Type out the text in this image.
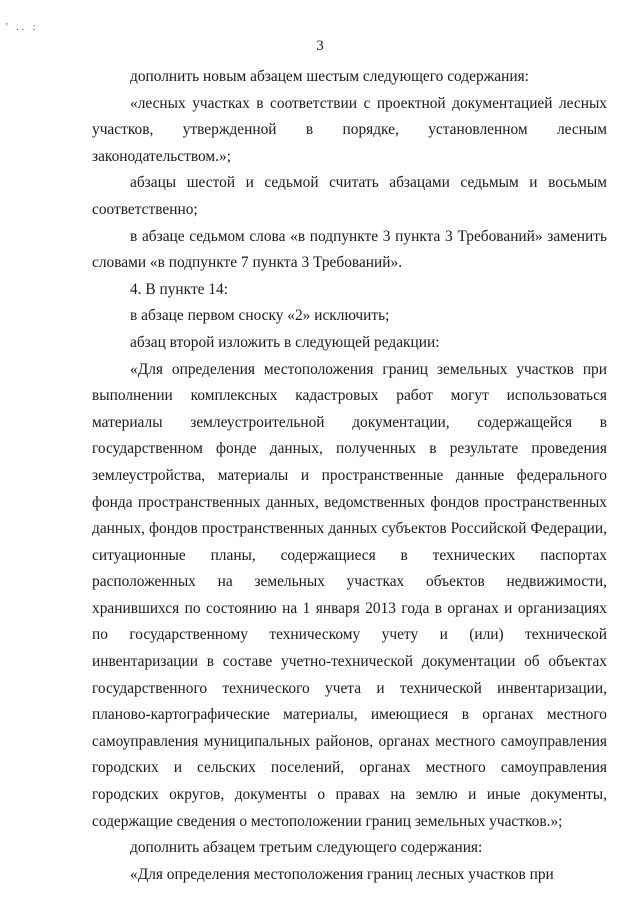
' .. :
3

дополнить новым абзацем шестым следующего содержания:

«лесных участках в соответствии с проектной документацией лесных участков, утвержденной в порядке, установленном лесным законодательством.»;

абзацы шестой и седьмой считать абзацами седьмым и восьмым соответственно;

в абзаце седьмом слова «в подпункте 3 пункта 3 Требований» заменить словами «в подпункте 7 пункта 3 Требований».

4. В пункте 14:

в абзаце первом сноску «2» исключить;

абзац второй изложить в следующей редакции:

«Для определения местоположения границ земельных участков при выполнении комплексных кадастровых работ могут использоваться материалы землеустроительной документации, содержащейся в государственном фонде данных, полученных в результате проведения землеустройства, материалы и пространственные данные федерального фонда пространственных данных, ведомственных фондов пространственных данных, фондов пространственных данных субъектов Российской Федерации, ситуационные планы, содержащиеся в технических паспортах расположенных на земельных участках объектов недвижимости, хранившихся по состоянию на 1 января 2013 года в органах и организациях по государственному техническому учету и (или) технической инвентаризации в составе учетно-технической документации об объектах государственного технического учета и технической инвентаризации, планово-картографические материалы, имеющиеся в органах местного самоуправления муниципальных районов, органах местного самоуправления городских и сельских поселений, органах местного самоуправления городских округов, документы о правах на землю и иные документы, содержащие сведения о местоположении границ земельных участков.»;

дополнить абзацем третьим следующего содержания:

«Для определения местоположения границ лесных участков при
